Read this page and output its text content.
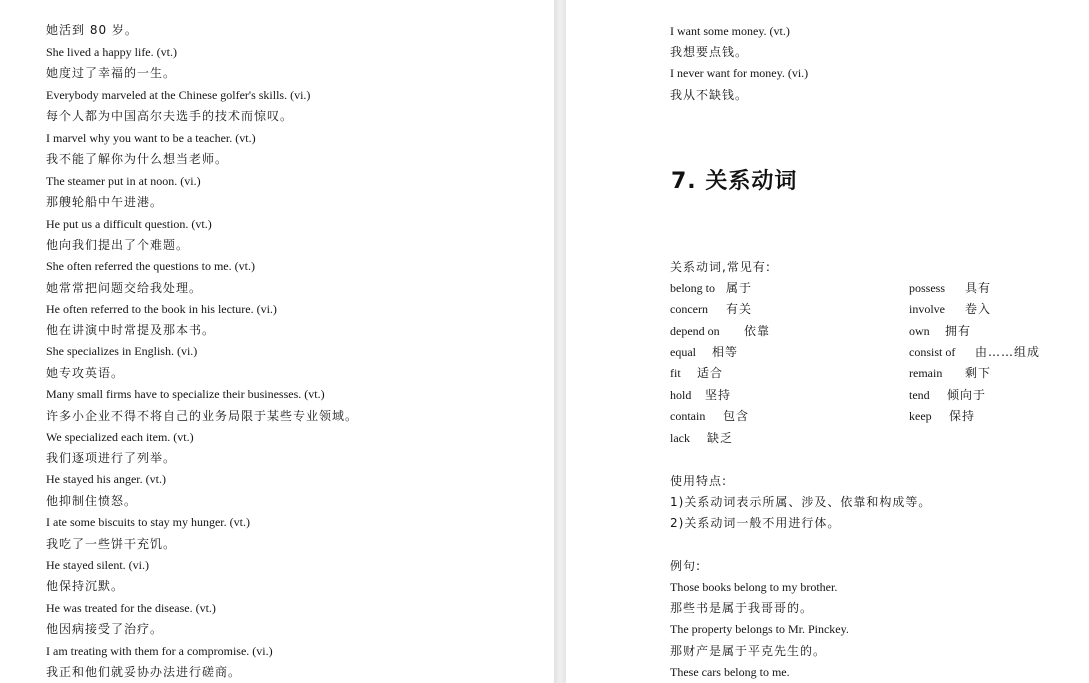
她活到 80 岁。
She lived a happy life. (vt.)
她度过了幸福的一生。
Everybody marveled at the Chinese golfer's skills. (vi.)
每个人都为中国高尔夫选手的技术而惊叹。
I marvel why you want to be a teacher. (vt.)
我不能了解你为什么想当老师。
The steamer put in at noon. (vi.)
那艘轮船中午进港。
He put us a difficult question. (vt.)
他向我们提出了个难题。
She often referred the questions to me. (vt.)
她常常把问题交给我处理。
He often referred to the book in his lecture. (vi.)
他在讲演中时常提及那本书。
She specializes in English. (vi.)
她专攻英语。
Many small firms have to specialize their businesses. (vt.)
许多小企业不得不将自己的业务局限于某些专业领域。
We specialized each item. (vt.)
我们逐项进行了列举。
He stayed his anger. (vt.)
他抑制住愤怒。
I ate some biscuits to stay my hunger. (vt.)
我吃了一些饼干充饥。
He stayed silent. (vi.)
他保持沉默。
He was treated for the disease. (vt.)
他因病接受了治疗。
I am treating with them for a compromise. (vi.)
我正和他们就妥协办法进行磋商。
I want some money. (vt.)
我想要点钱。
I never want for money. (vi.)
我从不缺钱。
7. 关系动词
关系动词,常见有:
belong to 属于
concern 有关
depend on 依靠
equal 相等
fit 适合
hold 坚持
contain 包含
lack 缺乏
possess 具有
involve 卷入
own 拥有
consist of 由……组成
remain 剩下
tend 倾向于
keep 保持
使用特点:
1)关系动词表示所属、涉及、依靠和构成等。
2)关系动词一般不用进行体。
例句:
Those books belong to my brother.
那些书是属于我哥哥的。
The property belongs to Mr. Pinckey.
那财产是属于平克先生的。
These cars belong to me.
